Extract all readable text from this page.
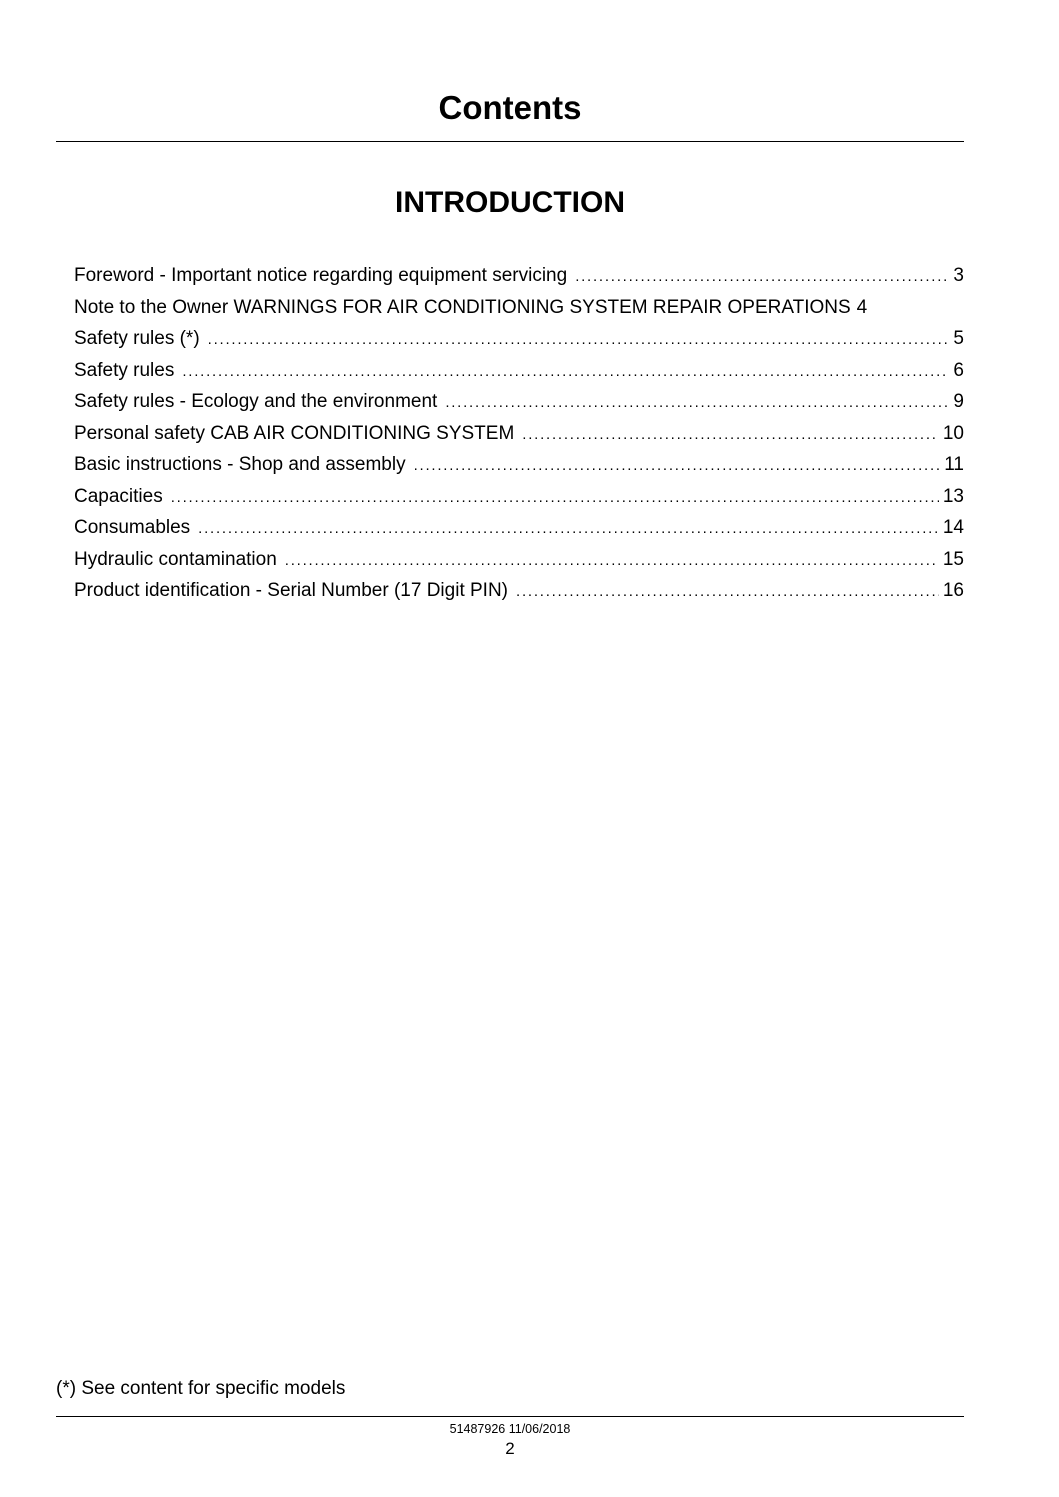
Contents
INTRODUCTION
Foreword - Important notice regarding equipment servicing . . .	3
Note to the Owner WARNINGS FOR AIR CONDITIONING SYSTEM REPAIR OPERATIONS 4
Safety rules (*) . . .	5
Safety rules . . .	6
Safety rules - Ecology and the environment . . .	9
Personal safety CAB AIR CONDITIONING SYSTEM . . .	10
Basic instructions - Shop and assembly . . .	11
Capacities . . .	13
Consumables . . .	14
Hydraulic contamination . . .	15
Product identification - Serial Number (17 Digit PIN) . . .	16
(*) See content for specific models
51487926 11/06/2018
2
